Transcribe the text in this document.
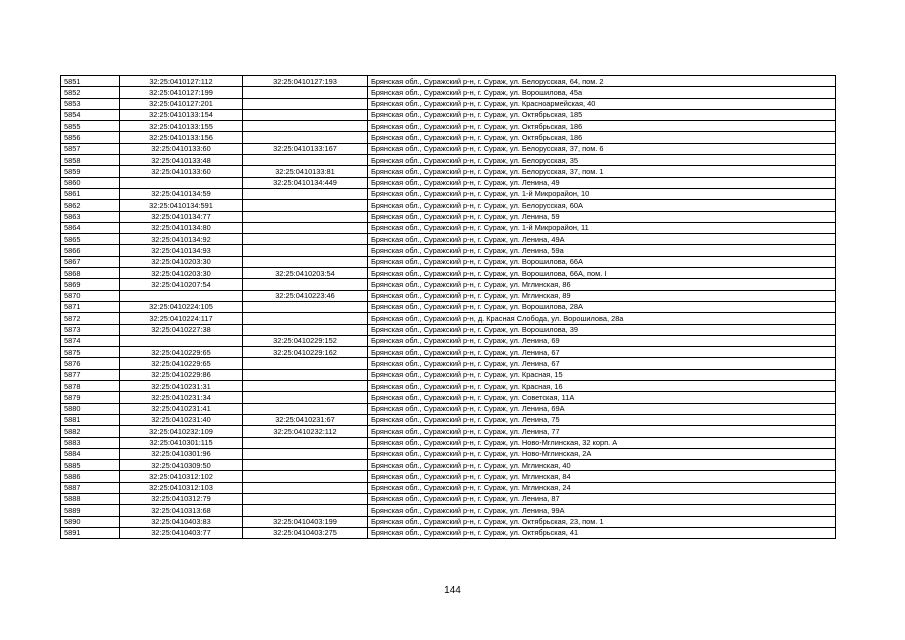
5851	32:25:0410127:112	32:25:0410127:193	Брянская обл., Суражский р-н, г. Сураж, ул. Белорусская, 64, пом. 2
5852	32:25:0410127:199		Брянская обл., Суражский р-н, г. Сураж, ул. Ворошилова, 45а
5853	32:25:0410127:201		Брянская обл., Суражский р-н, г. Сураж, ул. Красноармейская, 40
5854	32:25:0410133:154		Брянская обл., Суражский р-н, г. Сураж, ул. Октябрьская, 185
5855	32:25:0410133:155		Брянская обл., Суражский р-н, г. Сураж, ул. Октябрьская, 186
5856	32:25:0410133:156		Брянская обл., Суражский р-н, г. Сураж, ул. Октябрьская, 186
5857	32:25:0410133:60	32:25:0410133:167	Брянская обл., Суражский р-н, г. Сураж, ул. Белорусская, 37, пом. 6
5858	32:25:0410133:48		Брянская обл., Суражский р-н, г. Сураж, ул. Белорусская, 35
5859	32:25:0410133:60	32:25:0410133:81	Брянская обл., Суражский р-н, г. Сураж, ул. Белорусская, 37, пом. 1
5860		32:25:0410134:449	Брянская обл., Суражский р-н, г. Сураж, ул. Ленина, 49
5861	32:25:0410134:59		Брянская обл., Суражский р-н, г. Сураж, ул. 1-й Микрорайон, 10
5862	32:25:0410134:591		Брянская обл., Суражский р-н, г. Сураж, ул. Белорусская, 60А
5863	32:25:0410134:77		Брянская обл., Суражский р-н, г. Сураж, ул. Ленина, 59
5864	32:25:0410134:80		Брянская обл., Суражский р-н, г. Сураж, ул. 1-й Микрорайон, 11
5865	32:25:0410134:92		Брянская обл., Суражский р-н, г. Сураж, ул. Ленина, 49А
5866	32:25:0410134:93		Брянская обл., Суражский р-н, г. Сураж, ул. Ленина, 59а
5867	32:25:0410203:30		Брянская обл., Суражский р-н, г. Сураж, ул. Ворошилова, 66А
5868	32:25:0410203:30	32:25:0410203:54	Брянская обл., Суражский р-н, г. Сураж, ул. Ворошилова, 66А, пом. I
5869	32:25:0410207:54		Брянская обл., Суражский р-н, г. Сураж, ул. Мглинская, 86
5870		32:25:0410223:46	Брянская обл., Суражский р-н, г. Сураж, ул. Мглинская, 89
5871	32:25:0410224:105		Брянская обл., Суражский р-н, г. Сураж, ул. Ворошилова, 28А
5872	32:25:0410224:117		Брянская обл., Суражский р-н, д. Красная Слобода, ул. Ворошилова, 28а
5873	32:25:0410227:38		Брянская обл., Суражский р-н, г. Сураж, ул. Ворошилова, 39
5874		32:25:0410229:152	Брянская обл., Суражский р-н, г. Сураж, ул. Ленина, 69
5875	32:25:0410229:65	32:25:0410229:162	Брянская обл., Суражский р-н, г. Сураж, ул. Ленина, 67
5876	32:25:0410229:65		Брянская обл., Суражский р-н, г. Сураж, ул. Ленина, 67
5877	32:25:0410229:86		Брянская обл., Суражский р-н, г. Сураж, ул. Красная, 15
5878	32:25:0410231:31		Брянская обл., Суражский р-н, г. Сураж, ул. Красная, 16
5879	32:25:0410231:34		Брянская обл., Суражский р-н, г. Сураж, ул. Советская, 11А
5880	32:25:0410231:41		Брянская обл., Суражский р-н, г. Сураж, ул. Ленина, 69А
5881	32:25:0410231:40	32:25:0410231:67	Брянская обл., Суражский р-н, г. Сураж, ул. Ленина, 75
5882	32:25:0410232:109	32:25:0410232:112	Брянская обл., Суражский р-н, г. Сураж, ул. Ленина, 77
5883	32:25:0410301:115		Брянская обл., Суражский р-н, г. Сураж, ул. Ново-Мглинская, 32 корп. А
5884	32:25:0410301:96		Брянская обл., Суражский р-н, г. Сураж, ул. Ново-Мглинская, 2А
5885	32:25:0410309:50		Брянская обл., Суражский р-н, г. Сураж, ул. Мглинская, 40
5886	32:25:0410312:102		Брянская обл., Суражский р-н, г. Сураж, ул. Мглинская, 84
5887	32:25:0410312:103		Брянская обл., Суражский р-н, г. Сураж, ул. Мглинская, 24
5888	32:25:0410312:79		Брянская обл., Суражский р-н, г. Сураж, ул. Ленина, 87
5889	32:25:0410313:68		Брянская обл., Суражский р-н, г. Сураж, ул. Ленина, 99А
5890	32:25:0410403:83	32:25:0410403:199	Брянская обл., Суражский р-н, г. Сураж, ул. Октябрьская, 23, пом. 1
5891	32:25:0410403:77	32:25:0410403:275	Брянская обл., Суражский р-н, г. Сураж, ул. Октябрьская, 41
144
